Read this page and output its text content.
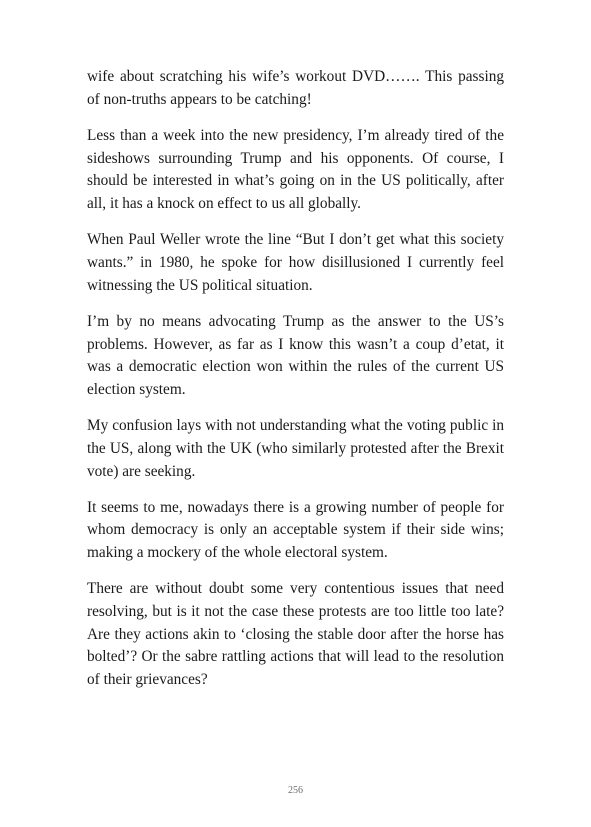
wife about scratching his wife’s workout DVD……. This passing of non-truths appears to be catching!

Less than a week into the new presidency, I’m already tired of the sideshows surrounding Trump and his opponents. Of course, I should be interested in what’s going on in the US politically, after all, it has a knock on effect to us all globally.

When Paul Weller wrote the line “But I don’t get what this society wants.” in 1980, he spoke for how disillusioned I currently feel witnessing the US political situation.

I’m by no means advocating Trump as the answer to the US’s problems. However, as far as I know this wasn’t a coup d’etat, it was a democratic election won within the rules of the current US election system.

My confusion lays with not understanding what the voting public in the US, along with the UK (who similarly protested after the Brexit vote) are seeking.

It seems to me, nowadays there is a growing number of people for whom democracy is only an acceptable system if their side wins; making a mockery of the whole electoral system.

There are without doubt some very contentious issues that need resolving, but is it not the case these protests are too little too late? Are they actions akin to ‘closing the stable door after the horse has bolted’? Or the sabre rattling actions that will lead to the resolution of their grievances?

256
